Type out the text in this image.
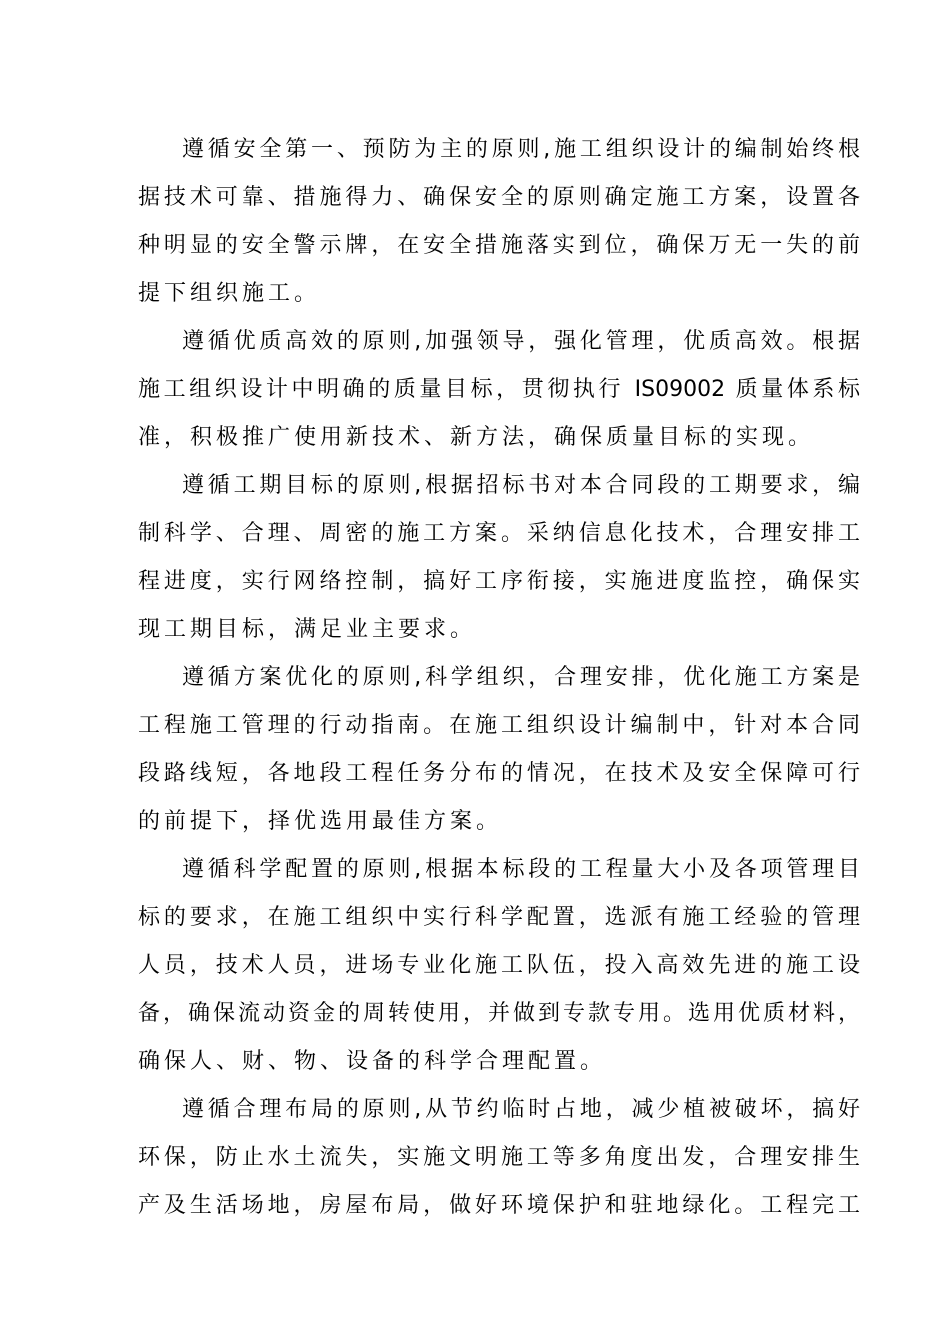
遵循安全第一、预防为主的原则,施工组织设计的编制始终根
据技术可靠、措施得力、确保安全的原则确定施工方案，设置各
种明显的安全警示牌，在安全措施落实到位，确保万无一失的前
提下组织施工。
遵循优质高效的原则,加强领导，强化管理，优质高效。根据
施工组织设计中明确的质量目标，贯彻执行 IS09002 质量体系标
准，积极推广使用新技术、新方法，确保质量目标的实现。
遵循工期目标的原则,根据招标书对本合同段的工期要求，编
制科学、合理、周密的施工方案。采纳信息化技术，合理安排工
程进度，实行网络控制，搞好工序衔接，实施进度监控，确保实
现工期目标，满足业主要求。
遵循方案优化的原则,科学组织，合理安排，优化施工方案是
工程施工管理的行动指南。在施工组织设计编制中，针对本合同
段路线短，各地段工程任务分布的情况，在技术及安全保障可行
的前提下，择优选用最佳方案。
遵循科学配置的原则,根据本标段的工程量大小及各项管理目
标的要求，在施工组织中实行科学配置，选派有施工经验的管理
人员，技术人员，进场专业化施工队伍，投入高效先进的施工设
备，确保流动资金的周转使用，并做到专款专用。选用优质材料，
确保人、财、物、设备的科学合理配置。
遵循合理布局的原则,从节约临时占地，减少植被破坏，搞好
环保，防止水土流失，实施文明施工等多角度出发，合理安排生
产及生活场地，房屋布局，做好环境保护和驻地绿化。工程完工
